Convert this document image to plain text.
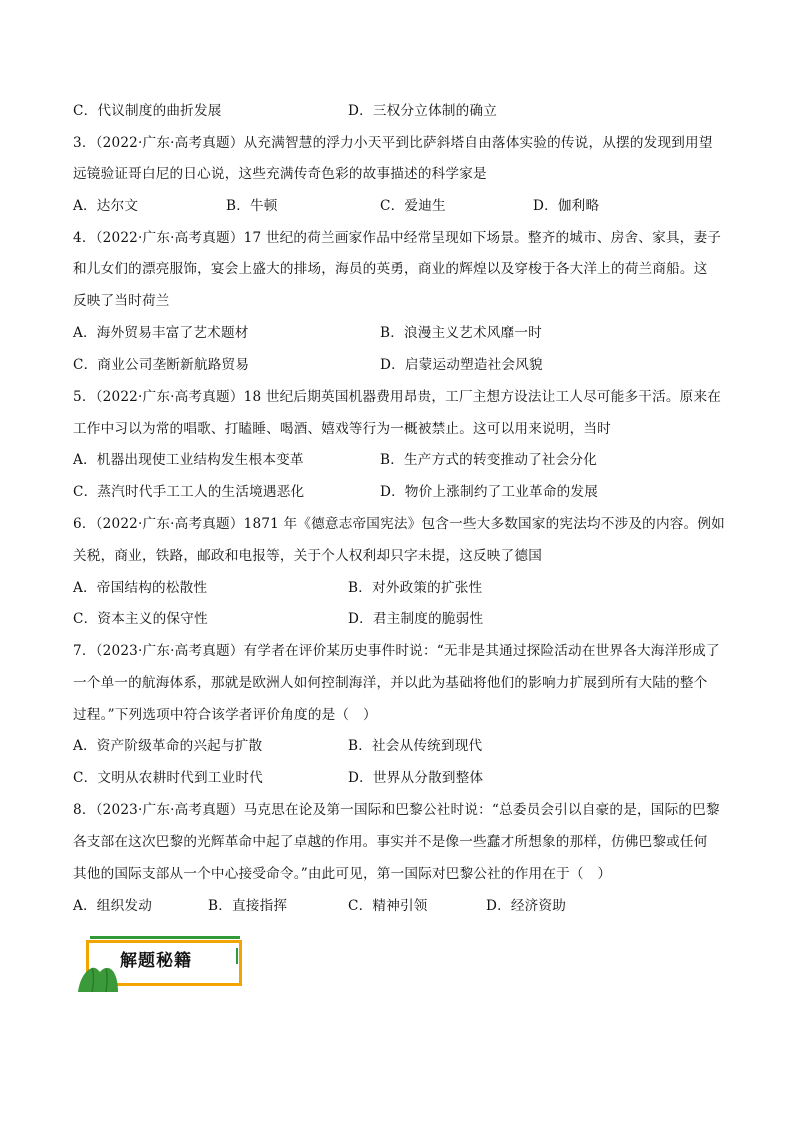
C．代议制度的曲折发展	D．三权分立体制的确立
3．（2022·广东·高考真题）从充满智慧的浮力小天平到比萨斜塔自由落体实验的传说，从摆的发现到用望
远镜验证哥白尼的日心说，这些充满传奇色彩的故事描述的科学家是
A．达尔文	B．牛顿	C．爱迪生	D．伽利略
4．（2022·广东·高考真题）17 世纪的荷兰画家作品中经常呈现如下场景。整齐的城市、房舍、家具，妻子
和儿女们的漂亮服饰，宴会上盛大的排场，海员的英勇，商业的辉煌以及穿梭于各大洋上的荷兰商船。这
反映了当时荷兰
A．海外贸易丰富了艺术题材	B．浪漫主义艺术风靡一时
C．商业公司垄断新航路贸易	D．启蒙运动塑造社会风貌
5．（2022·广东·高考真题）18 世纪后期英国机器费用昂贵，工厂主想方设法让工人尽可能多干活。原来在
工作中习以为常的唱歌、打瞌睡、喝酒、嬉戏等行为一概被禁止。这可以用来说明，当时
A．机器出现使工业结构发生根本变革	B．生产方式的转变推动了社会分化
C．蒸汽时代手工工人的生活境遇恶化	D．物价上涨制约了工业革命的发展
6．（2022·广东·高考真题）1871 年《德意志帝国宪法》包含一些大多数国家的宪法均不涉及的内容。例如
关税，商业，铁路，邮政和电报等，关于个人权利却只字未提，这反映了德国
A．帝国结构的松散性	B．对外政策的扩张性
C．资本主义的保守性	D．君主制度的脆弱性
7．（2023·广东·高考真题）有学者在评价某历史事件时说：“无非是其通过探险活动在世界各大海洋形成了
一个单一的航海体系，那就是欧洲人如何控制海洋，并以此为基础将他们的影响力扩展到所有大陆的整个
过程。”下列选项中符合该学者评价角度的是（　）
A．资产阶级革命的兴起与扩散	B．社会从传统到现代
C．文明从农耕时代到工业时代	D．世界从分散到整体
8．（2023·广东·高考真题）马克思在论及第一国际和巴黎公社时说：“总委员会引以自豪的是，国际的巴黎
各支部在这次巴黎的光辉革命中起了卓越的作用。事实并不是像一些蠢才所想象的那样，仿佛巴黎或任何
其他的国际支部从一个中心接受命令。”由此可见，第一国际对巴黎公社的作用在于（　）
A．组织发动	B．直接指挥	C．精神引领	D．经济资助
解题秘籍
